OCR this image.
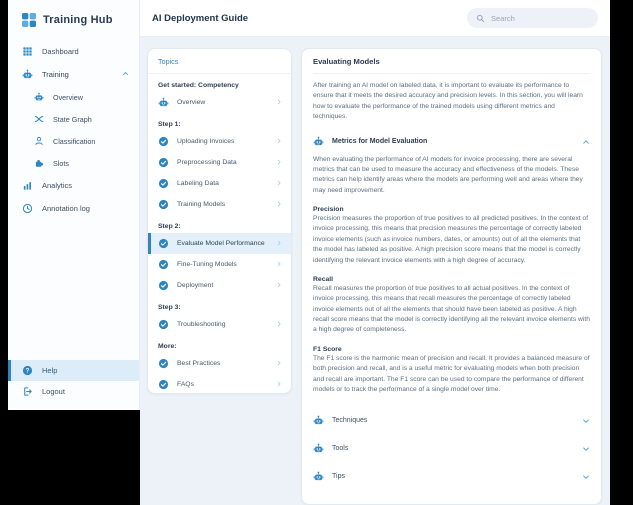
Training Hub
Dashboard
Training
Overview
State Graph
Classification
Slots
Analytics
Annotation log
Help
Logout
AI Deployment Guide
Search
Topics
Get started: Competency
Overview
Step 1:
Uploading Invoices
Preprocessing Data
Labeling Data
Training Models
Step 2:
Evaluate Model Performance
Fine-Tuning Models
Deployment
Step 3:
Troubleshooting
More:
Best Practices
FAQs
Evaluating Models

After training an AI model on labeled data, it is important to evaluate its performance to ensure that it meets the desired accuracy and precision levels. In this section, you will learn how to evaluate the performance of the trained models using different metrics and techniques.

Metrics for Model Evaluation

When evaluating the performance of AI models for invoice processing, there are several metrics that can be used to measure the accuracy and effectiveness of the models. These metrics can help identify areas where the models are performing well and areas where they may need improvement.

Precision

Precision measures the proportion of true positives to all predicted positives. In the context of invoice processing, this means that precision measures the percentage of correctly labeled invoice elements (such as invoice numbers, dates, or amounts) out of all the elements that the model has labeled as positive. A high precision score means that the model is correctly identifying the relevant invoice elements with a high degree of accuracy.

Recall

Recall measures the proportion of true positives to all actual positives. In the context of invoice processing, this means that recall measures the percentage of correctly labeled invoice elements out of all the elements that should have been labeled as positive. A high recall score means that the model is correctly identifying all the relevant invoice elements with a high degree of completeness.

F1 Score

The F1 score is the harmonic mean of precision and recall. It provides a balanced measure of both precision and recall, and is a useful metric for evaluating models when both precision and recall are important. The F1 score can be used to compare the performance of different models or to track the performance of a single model over time.

Techniques
Tools
Tips
